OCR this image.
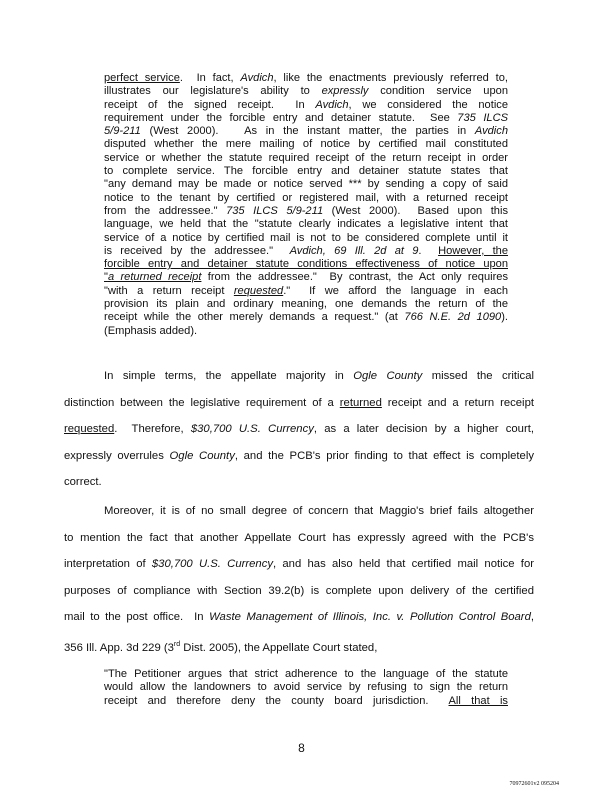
perfect service.  In fact, Avdich, like the enactments previously referred to,
illustrates our legislature's ability to expressly condition service upon
receipt of the signed receipt.  In Avdich, we considered the notice
requirement under the forcible entry and detainer statute.  See 735 ILCS
5/9-211 (West 2000).   As in the instant matter, the parties in Avdich
disputed whether the mere mailing of notice by certified mail constituted
service or whether the statute required receipt of the return receipt in order
to complete service. The forcible entry and detainer statute states that
"any demand may be made or notice served *** by sending a copy of said
notice to the tenant by certified or registered mail, with a returned receipt
from the addressee." 735 ILCS 5/9-211 (West 2000).  Based upon this
language, we held that the "statute clearly indicates a legislative intent that
service of a notice by certified mail is not to be considered complete until it
is received by the addressee."  Avdich, 69 Ill. 2d at 9.  However, the
forcible entry and detainer statute conditions effectiveness of notice upon
"a returned receipt from the addressee."  By contrast, the Act only requires
"with a return receipt requested."  If we afford the language in each
provision its plain and ordinary meaning, one demands the return of the
receipt while the other merely demands a request." (at 766 N.E. 2d 1090).
(Emphasis added).
In simple terms, the appellate majority in Ogle County missed the critical
distinction between the legislative requirement of a returned receipt and a return receipt
requested.  Therefore, $30,700 U.S. Currency, as a later decision by a higher court,
expressly overrules Ogle County, and the PCB's prior finding to that effect is completely
correct.
Moreover, it is of no small degree of concern that Maggio's brief fails altogether
to mention the fact that another Appellate Court has expressly agreed with the PCB's
interpretation of $30,700 U.S. Currency, and has also held that certified mail notice for
purposes of compliance with Section 39.2(b) is complete upon delivery of the certified
mail to the post office.  In Waste Management of Illinois, Inc. v. Pollution Control Board,
356 Ill. App. 3d 229 (3rd Dist. 2005), the Appellate Court stated,
"The Petitioner argues that strict adherence to the language of the statute
would allow the landowners to avoid service by refusing to sign the return
receipt and therefore deny the county board jurisdiction.  All that is
8
70972601v2 095204
